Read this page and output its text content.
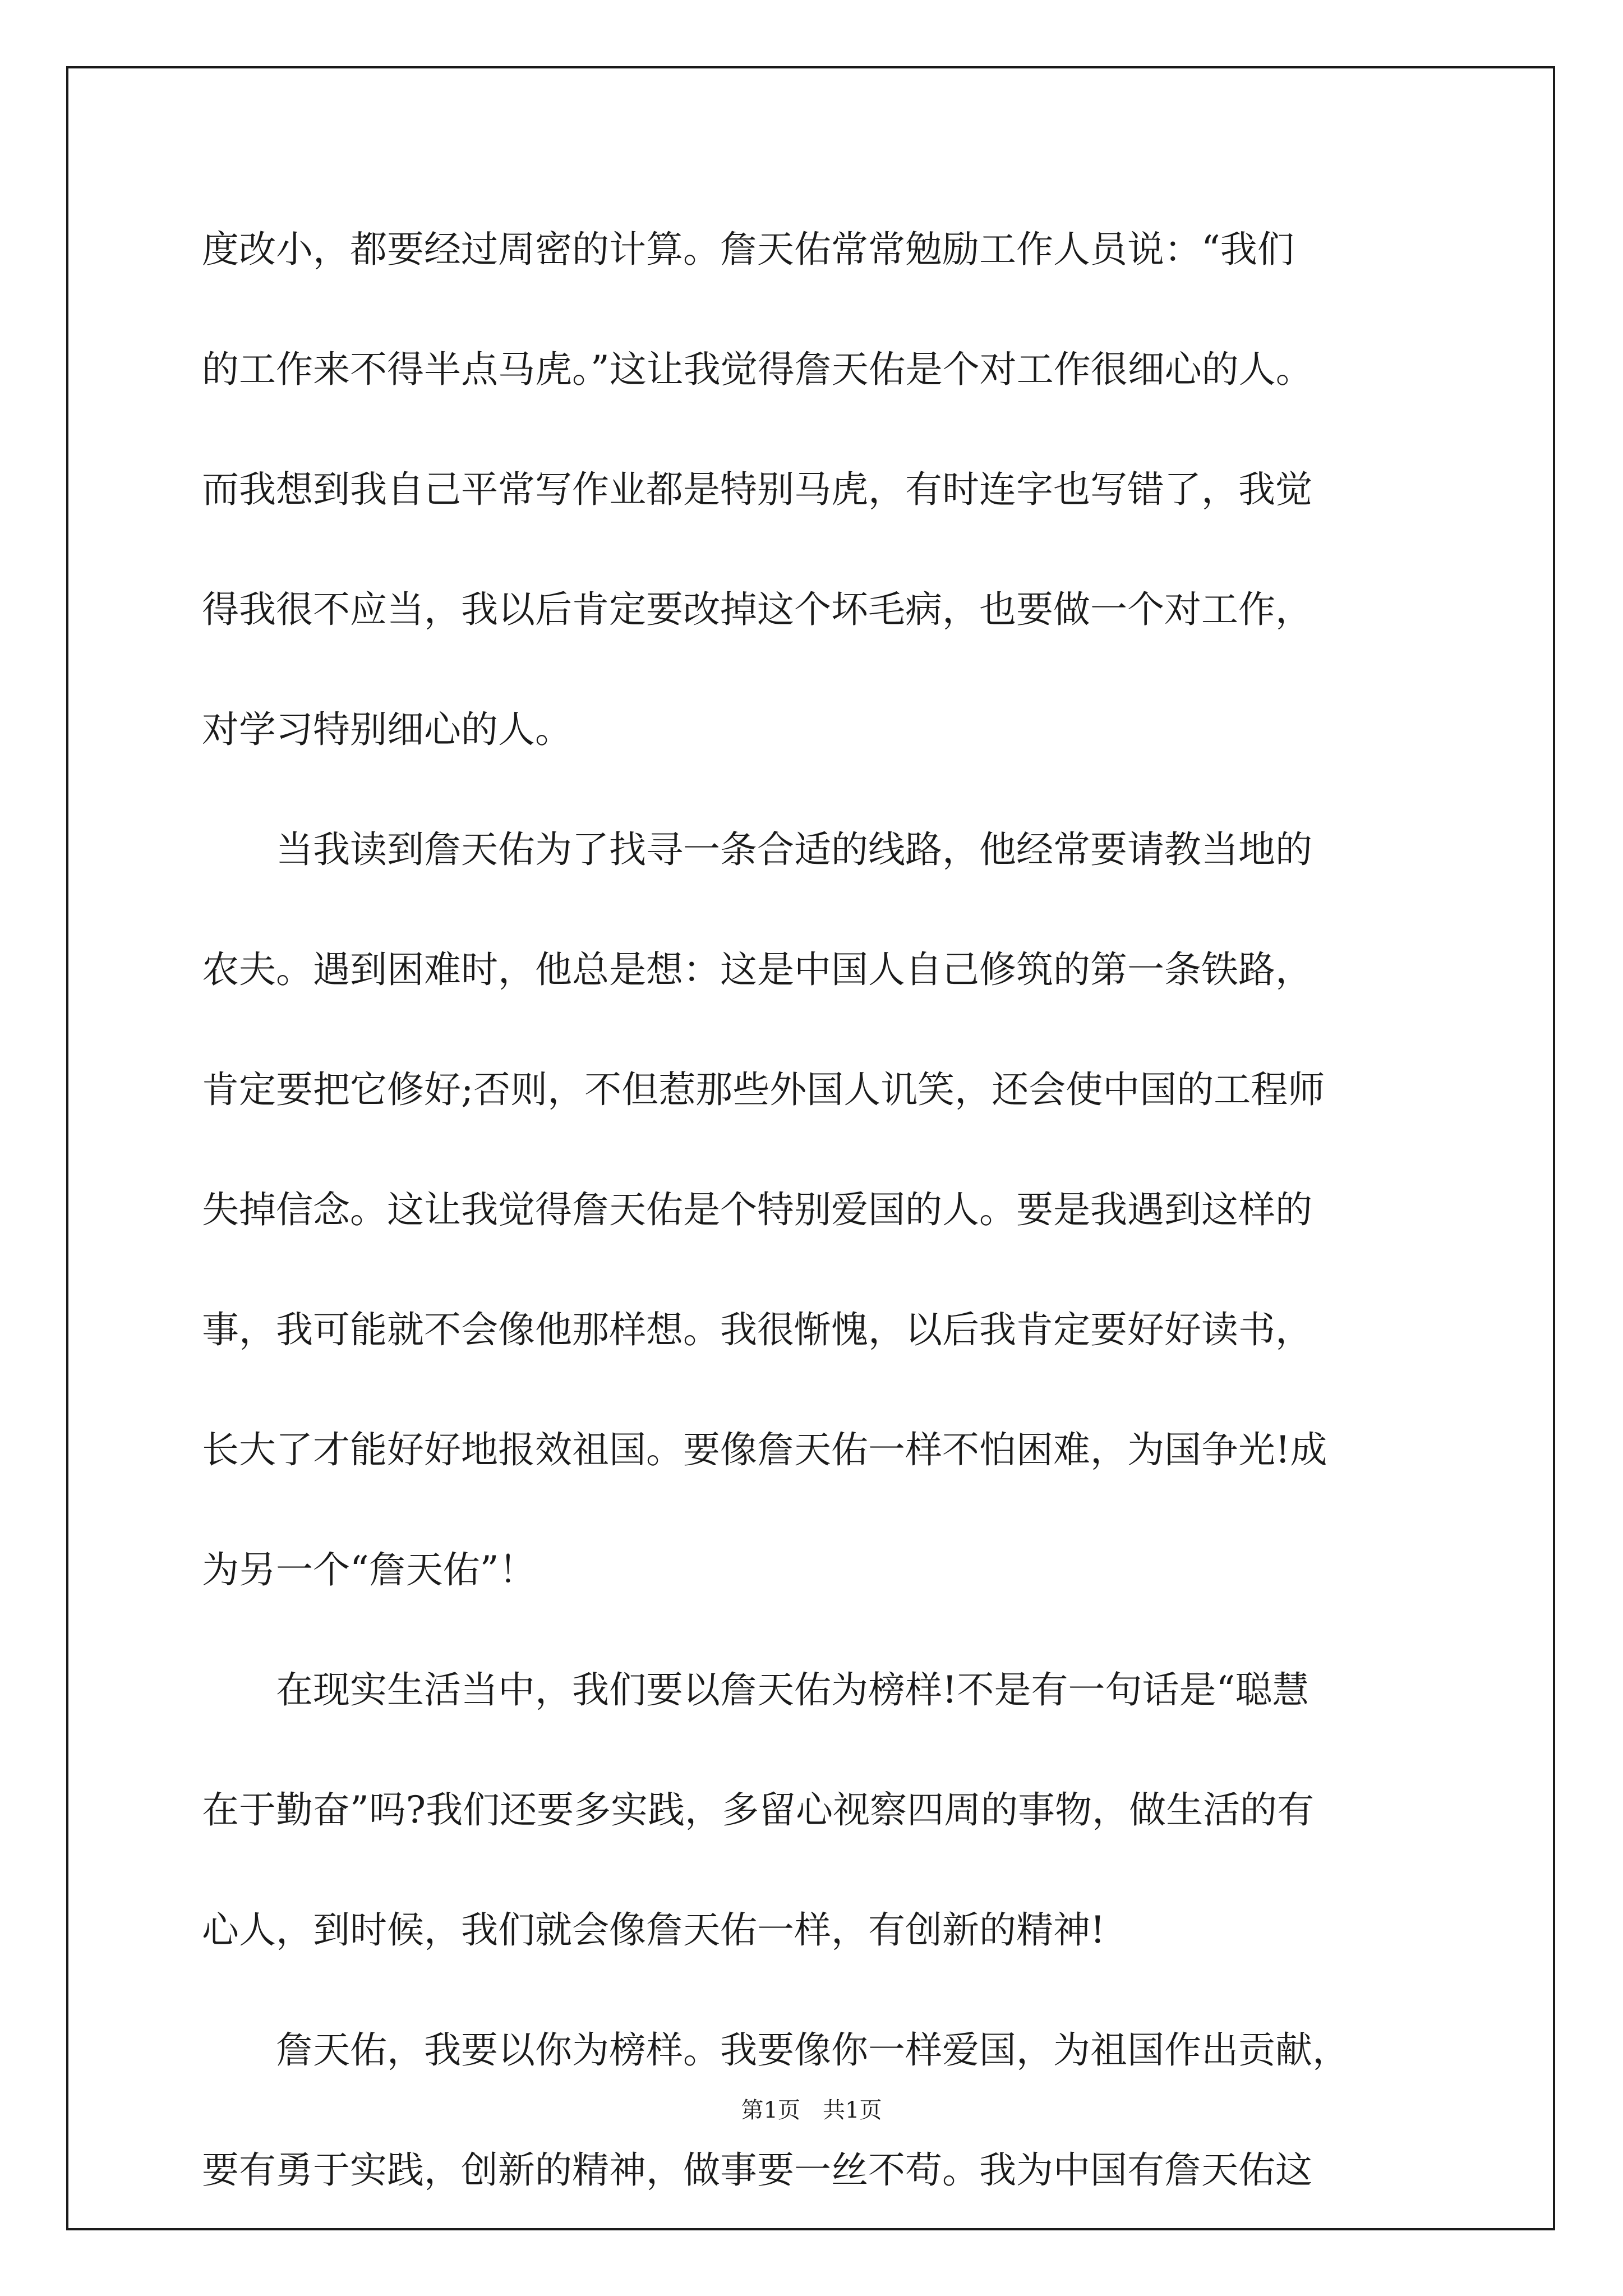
度改小，都要经过周密的计算。詹天佑常常勉励工作人员说：“我们
的工作来不得半点马虎。”这让我觉得詹天佑是个对工作很细心的人。
而我想到我自己平常写作业都是特别马虎，有时连字也写错了，我觉
得我很不应当，我以后肯定要改掉这个坏毛病，也要做一个对工作，
对学习特别细心的人。
　　当我读到詹天佑为了找寻一条合适的线路，他经常要请教当地的
农夫。遇到困难时，他总是想：这是中国人自己修筑的第一条铁路，
肯定要把它修好;否则，不但惹那些外国人讥笑，还会使中国的工程师
失掉信念。这让我觉得詹天佑是个特别爱国的人。要是我遇到这样的
事，我可能就不会像他那样想。我很惭愧，以后我肯定要好好读书，
长大了才能好好地报效祖国。要像詹天佑一样不怕困难，为国争光!成
为另一个“詹天佑”！
　　在现实生活当中，我们要以詹天佑为榜样!不是有一句话是“聪慧
在于勤奋”吗?我们还要多实践，多留心视察四周的事物，做生活的有
心人，到时候，我们就会像詹天佑一样，有创新的精神!
　　詹天佑，我要以你为榜样。我要像你一样爱国，为祖国作出贡献，
要有勇于实践，创新的精神，做事要一丝不苟。我为中国有詹天佑这
第1页　共1页
